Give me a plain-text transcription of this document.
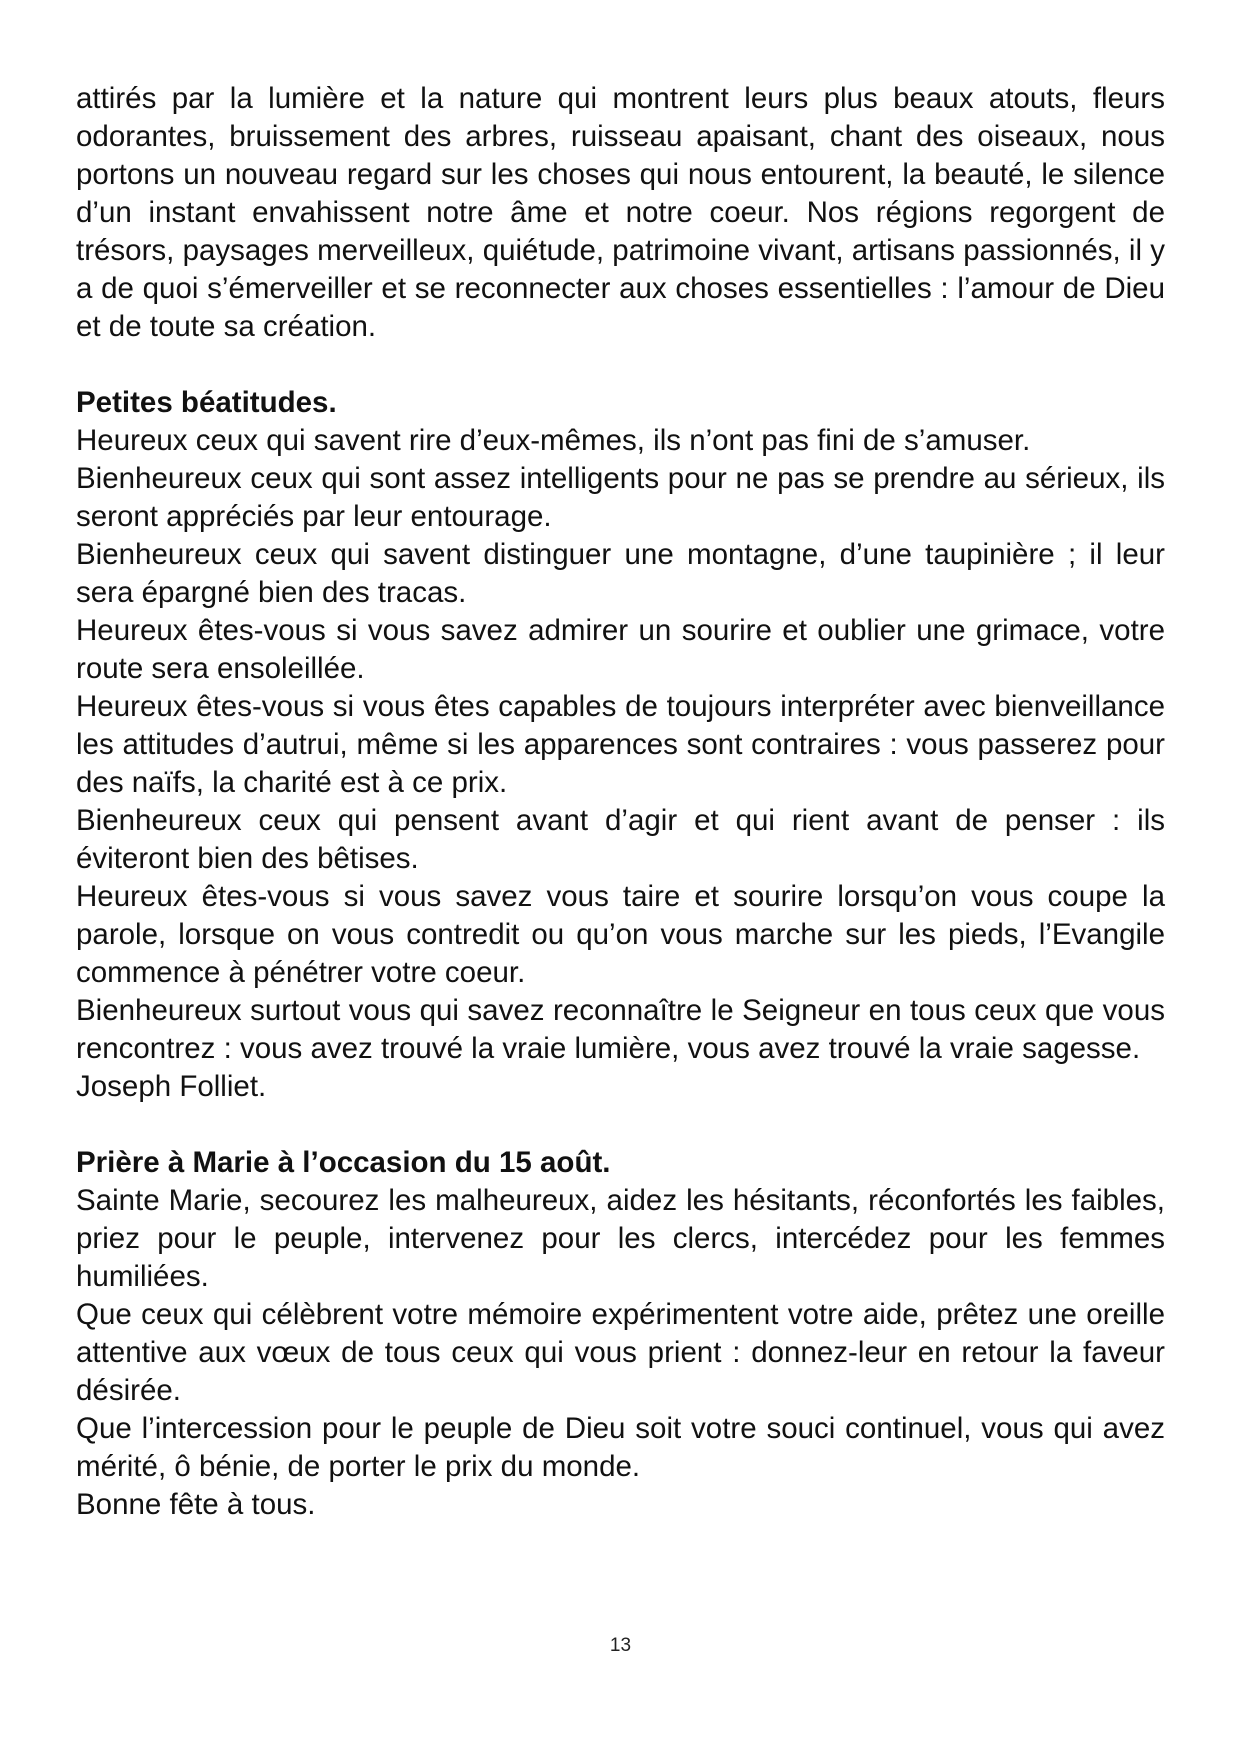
attirés par la lumière et la nature qui montrent leurs plus beaux atouts, fleurs odorantes, bruissement des arbres, ruisseau apaisant, chant des oiseaux, nous portons un nouveau regard sur les choses qui nous entourent, la beauté, le silence d’un instant envahissent notre âme et notre coeur. Nos régions regorgent de trésors, paysages merveilleux, quiétude, patrimoine vivant, artisans passionnés, il y a de quoi s’émerveiller et se reconnecter aux choses essentielles : l’amour de Dieu et de toute sa création.

Petites béatitudes.

Heureux ceux qui savent rire d’eux-mêmes, ils n’ont pas fini de s’amuser.

Bienheureux ceux qui sont assez intelligents pour ne pas se prendre au sérieux, ils seront appréciés par leur entourage.

Bienheureux ceux qui savent distinguer une montagne, d’une taupinière ; il leur sera épargné bien des tracas.

Heureux êtes-vous si vous savez admirer un sourire et oublier une grimace, votre route sera ensoleillée.

Heureux êtes-vous si vous êtes capables de toujours interpréter avec bienveillance les attitudes d’autrui, même si les apparences sont contraires : vous passerez pour des naïfs, la charité est à ce prix.

Bienheureux ceux qui pensent avant d’agir et qui rient avant de penser : ils éviteront bien des bêtises.

Heureux êtes-vous si vous savez vous taire et sourire lorsqu’on vous coupe la parole, lorsque on vous contredit ou qu’on vous marche sur les pieds, l’Evangile commence à pénétrer votre coeur.

Bienheureux surtout vous qui savez reconnaître le Seigneur en tous ceux que vous rencontrez : vous avez trouvé la vraie lumière, vous avez trouvé la vraie sagesse.

Joseph Folliet.

Prière à Marie à l’occasion du 15 août.

Sainte Marie, secourez les malheureux, aidez les hésitants, réconfortés les faibles, priez pour le peuple, intervenez pour les clercs, intercédez pour les femmes humiliées.

Que ceux qui célèbrent votre mémoire expérimentent votre aide, prêtez une oreille attentive aux vœux de tous ceux qui vous prient : donnez-leur en retour la faveur désirée.

Que l’intercession pour le peuple de Dieu soit votre souci continuel, vous qui avez mérité, ô bénie, de porter le prix du monde.

Bonne fête à tous.

13
